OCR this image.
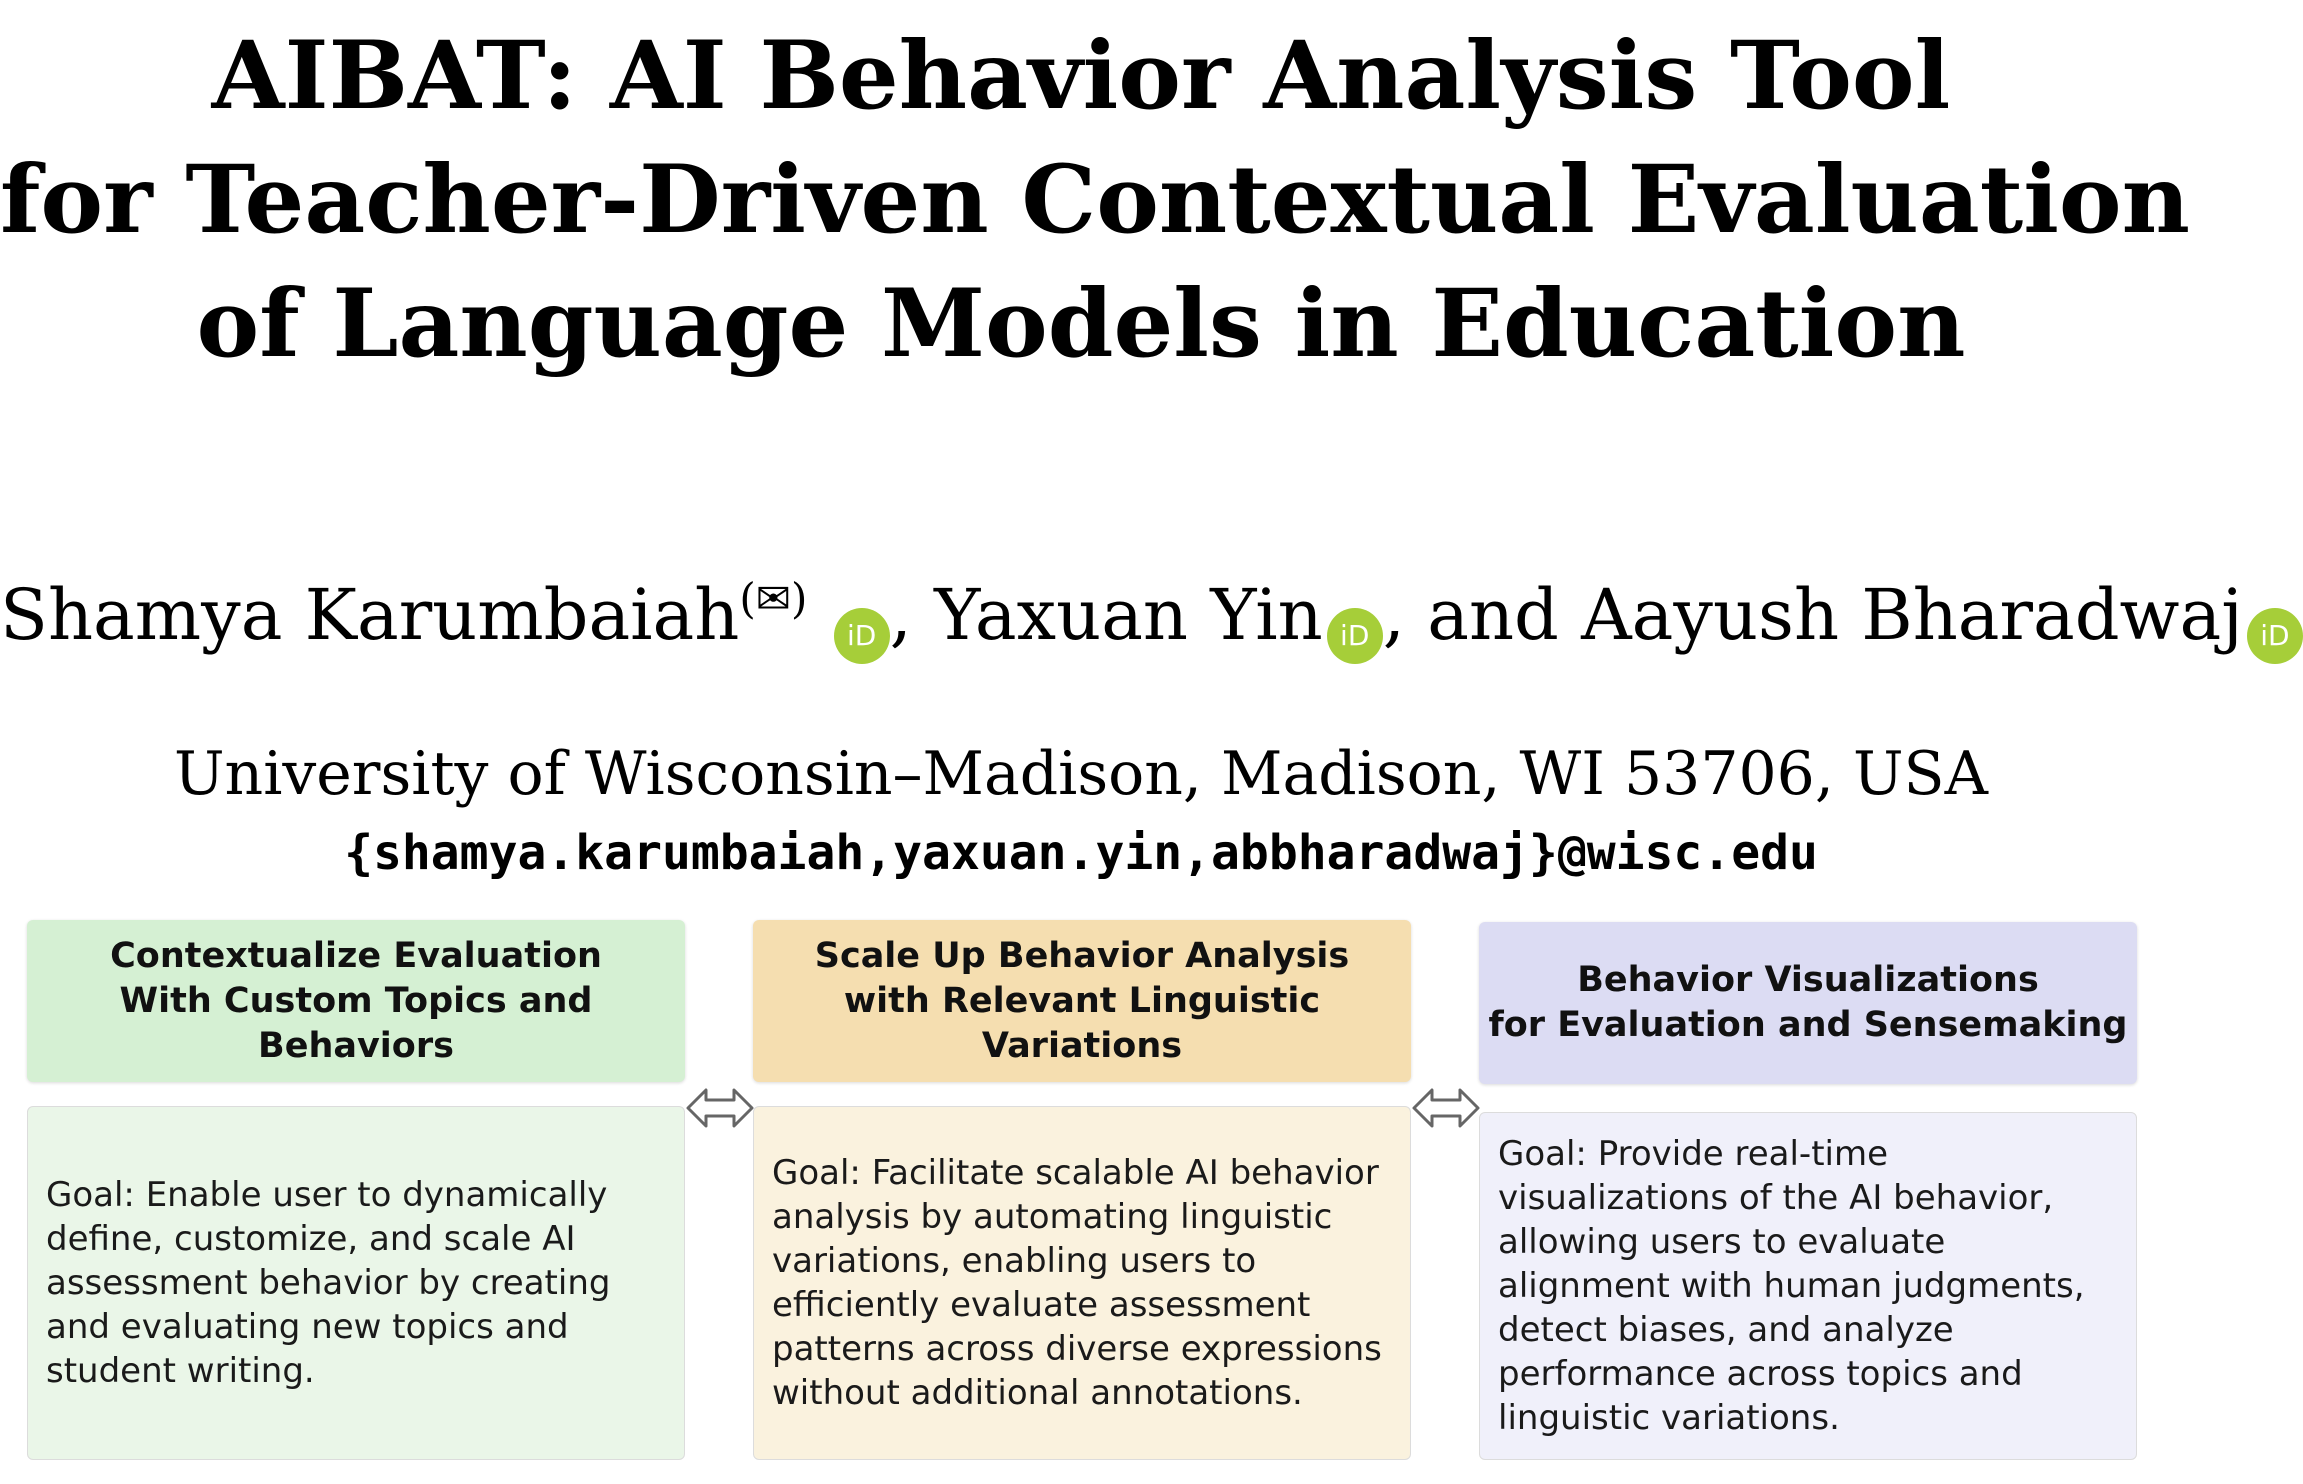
AIBAT: AI Behavior Analysis Tool
for Teacher-Driven Contextual Evaluation
of Language Models in Education
Shamya Karumbaiah(✉) iD , Yaxuan Yin iD , and Aayush Bharadwaj iD
University of Wisconsin–Madison, Madison, WI 53706, USA
{shamya.karumbaiah,yaxuan.yin,abbharadwaj}@wisc.edu
Contextualize Evaluation
With Custom Topics and Behaviors
Goal: Enable user to dynamically define, customize, and scale AI assessment behavior by creating and evaluating new topics and student writing.
Scale Up Behavior Analysis
with Relevant Linguistic Variations
Goal: Facilitate scalable AI behavior analysis by automating linguistic variations, enabling users to efficiently evaluate assessment patterns across diverse expressions without additional annotations.
Behavior Visualizations
for Evaluation and Sensemaking
Goal: Provide real-time visualizations of the AI behavior, allowing users to evaluate alignment with human judgments, detect biases, and analyze performance across topics and linguistic variations.
